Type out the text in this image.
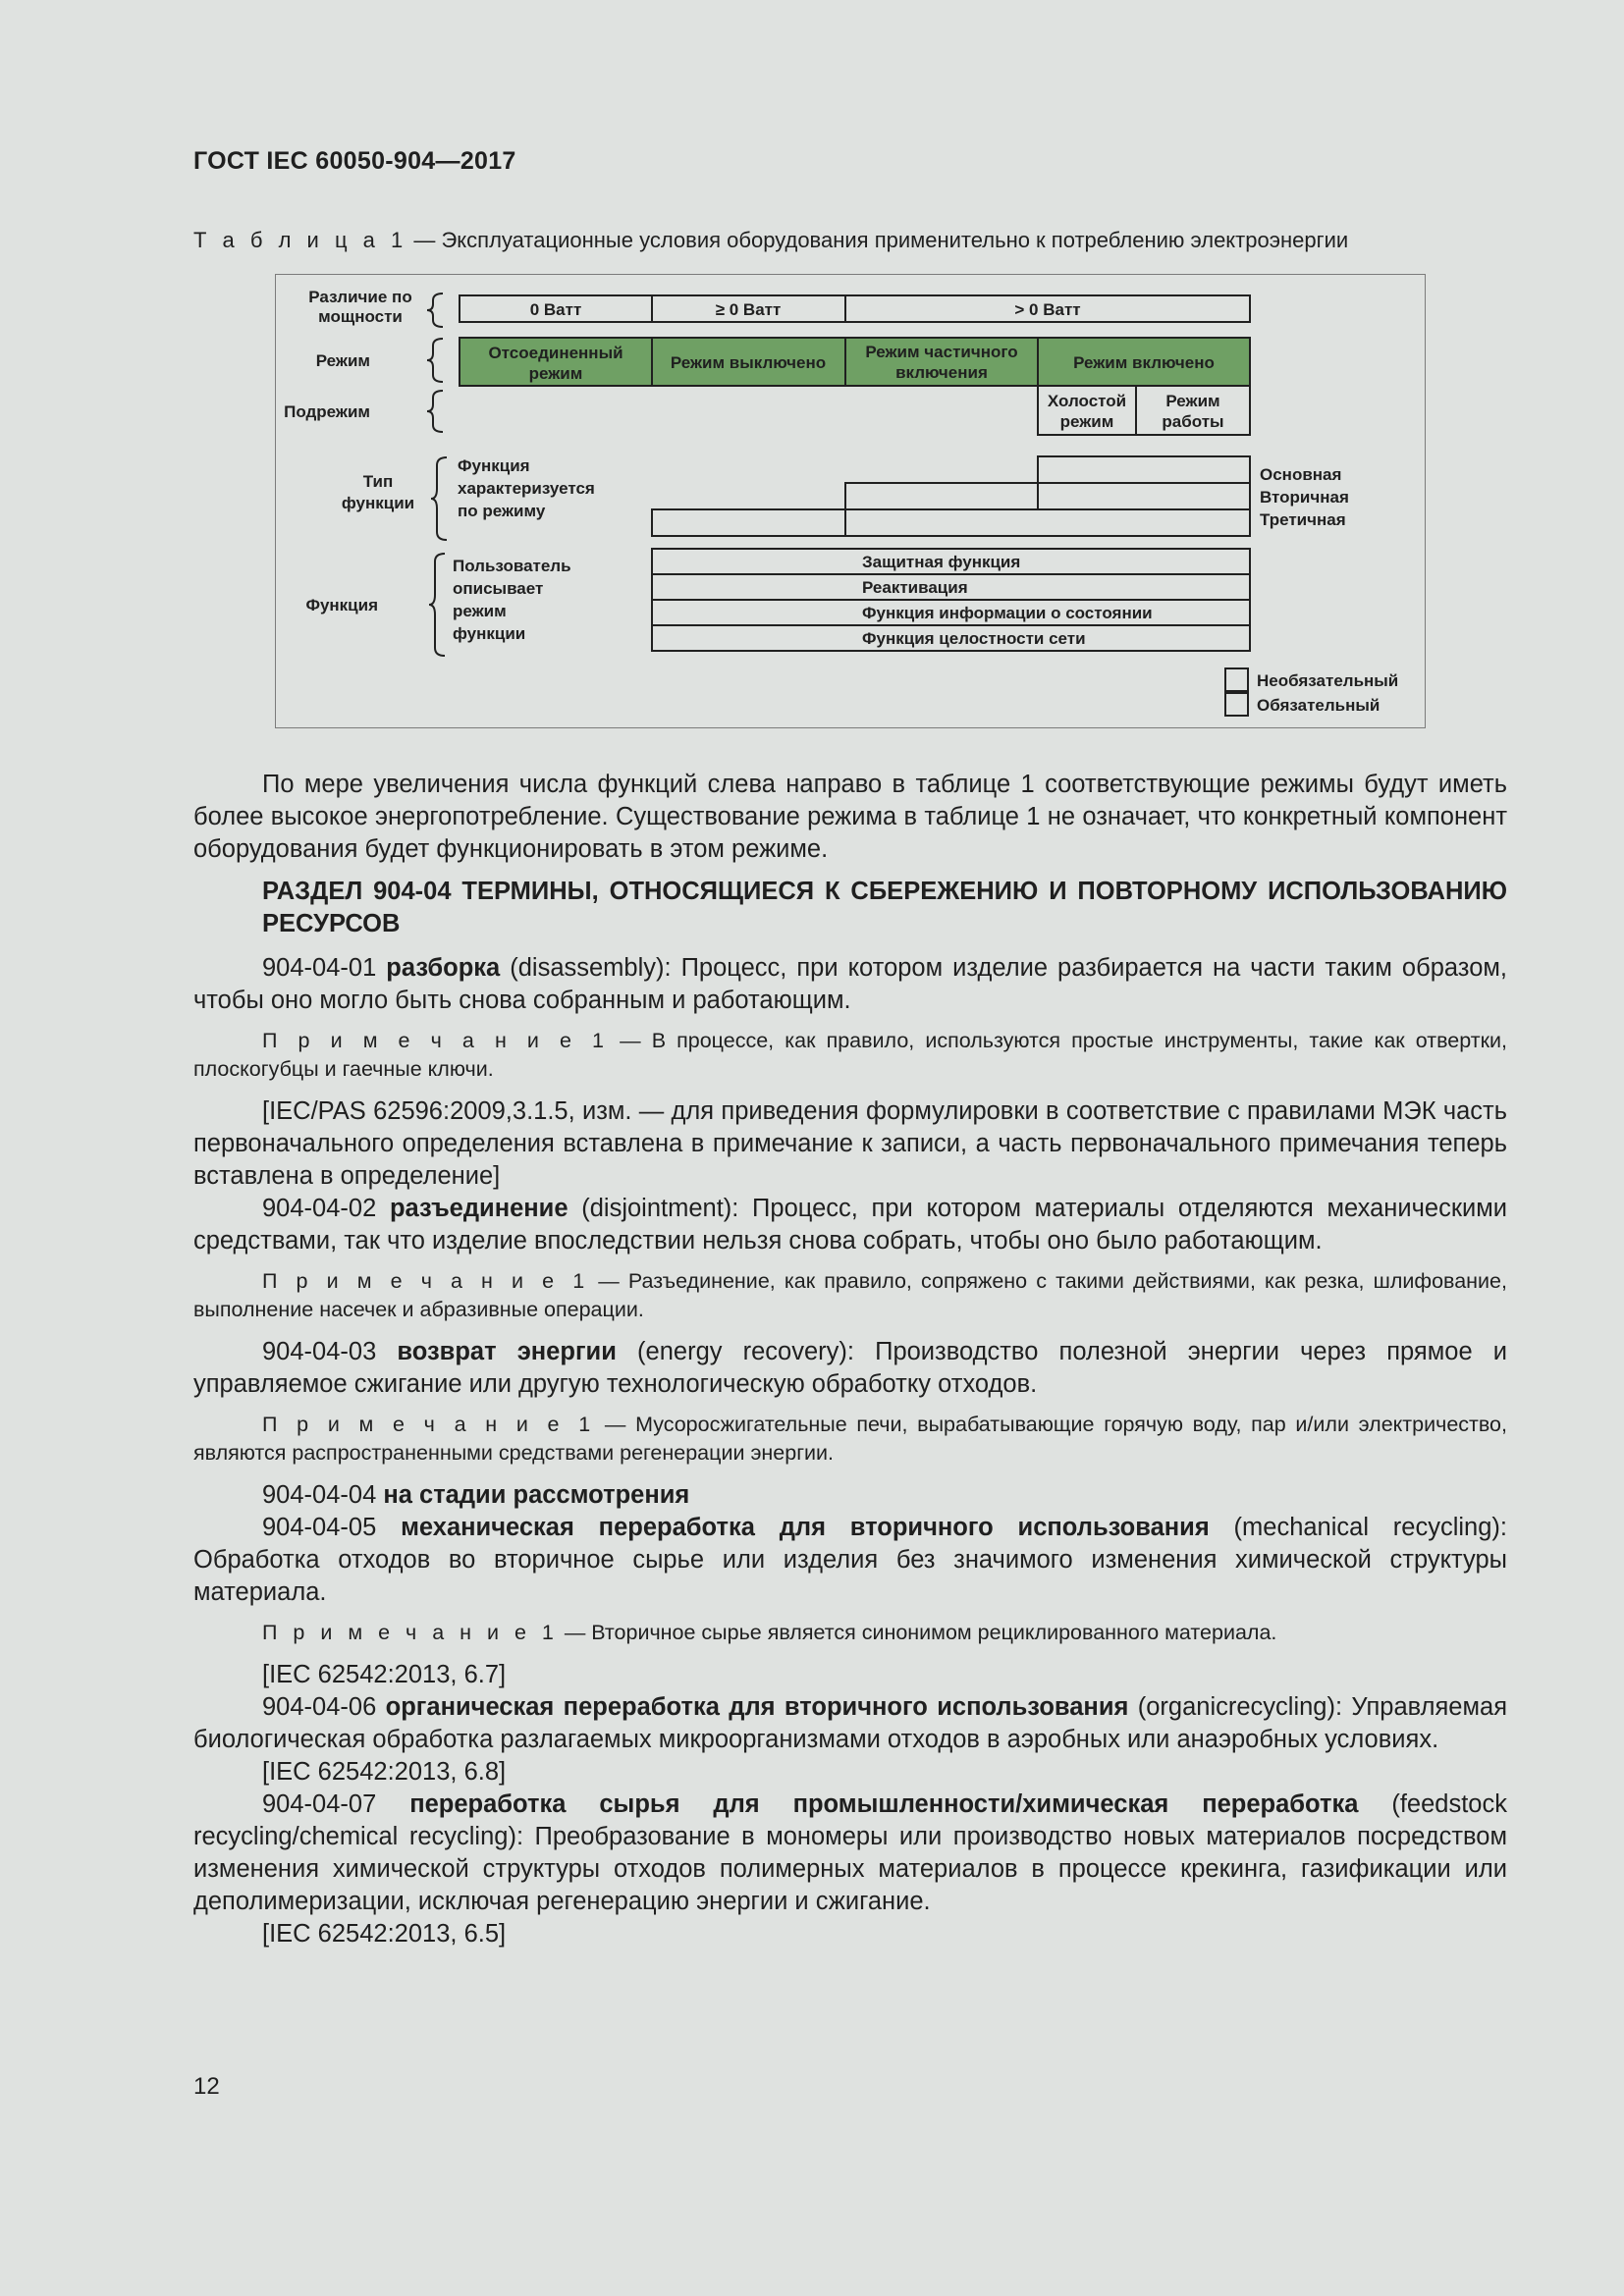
ГОСТ IEC 60050-904—2017
Т а б л и ц а 1 — Эксплуатационные условия оборудования применительно к потреблению электроэнергии
Различие по
мощности
Режим
Подрежим
Тип
функции
Функция
характеризуется
по режиму
Функция
Пользователь
описывает
режим
функции
0 Ватт	≥ 0 Ватт	> 0 Ватт
Отсоединенный
режим
Режим выключено
Режим частичного
включения
Режим включено
Холостой
режим
Режим
работы
Основная
Вторичная
Третичная
Защитная функция
Реактивация
Функция информации о состоянии
Функция целостности сети
Необязательный
Обязательный

По мере увеличения числа функций слева направо в таблице 1 соответствующие режимы будут иметь более высокое энергопотребление. Существование режима в таблице 1 не означает, что конкретный компонент оборудования будет функционировать в этом режиме.

РАЗДЕЛ 904-04 ТЕРМИНЫ, ОТНОСЯЩИЕСЯ К СБЕРЕЖЕНИЮ И ПОВТОРНОМУ ИСПОЛЬЗОВАНИЮ РЕСУРСОВ

904-04-01 разборка (disassembly): Процесс, при котором изделие разбирается на части таким образом, чтобы оно могло быть снова собранным и работающим.

П р и м е ч а н и е 1 — В процессе, как правило, используются простые инструменты, такие как отвертки, плоскогубцы и гаечные ключи.

[IEC/PAS 62596:2009,3.1.5, изм. — для приведения формулировки в соответствие с правилами МЭК часть первоначального определения вставлена в примечание к записи, а часть первоначального примечания теперь вставлена в определение]

904-04-02 разъединение (disjointment): Процесс, при котором материалы отделяются механическими средствами, так что изделие впоследствии нельзя снова собрать, чтобы оно было работающим.

П р и м е ч а н и е 1 — Разъединение, как правило, сопряжено с такими действиями, как резка, шлифование, выполнение насечек и абразивные операции.

904-04-03 возврат энергии (energy recovery): Производство полезной энергии через прямое и управляемое сжигание или другую технологическую обработку отходов.

П р и м е ч а н и е 1 — Мусоросжигательные печи, вырабатывающие горячую воду, пар и/или электричество, являются распространенными средствами регенерации энергии.

904-04-04 на стадии рассмотрения

904-04-05 механическая переработка для вторичного использования (mechanical recycling): Обработка отходов во вторичное сырье или изделия без значимого изменения химической структуры материала.

П р и м е ч а н и е 1 — Вторичное сырье является синонимом рециклированного материала.

[IEC 62542:2013, 6.7]

904-04-06 органическая переработка для вторичного использования (organicrecycling): Управляемая биологическая обработка разлагаемых микроорганизмами отходов в аэробных или анаэробных условиях.

[IEC 62542:2013, 6.8]

904-04-07 переработка сырья для промышленности/химическая переработка (feedstock recycling/chemical recycling): Преобразование в мономеры или производство новых материалов посредством изменения химической структуры отходов полимерных материалов в процессе крекинга, газификации или деполимеризации, исключая регенерацию энергии и сжигание.

[IEC 62542:2013, 6.5]

12
